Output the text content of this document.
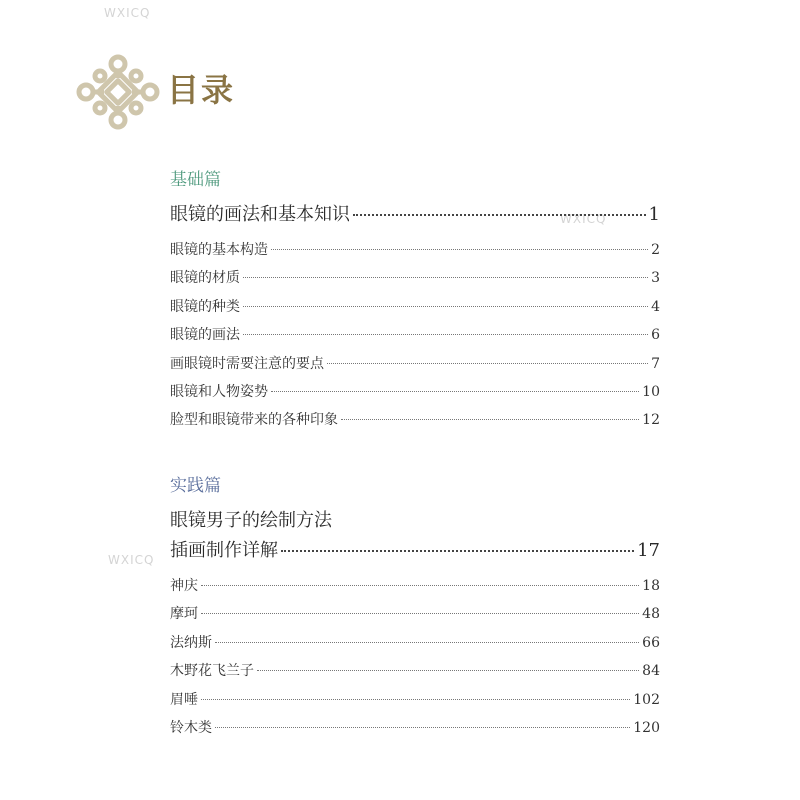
WXICQ
WXICQ
WXICQ
目录
基础篇
眼镜的画法和基本知识	1
眼镜的基本构造	2
眼镜的材质	3
眼镜的种类	4
眼镜的画法	6
画眼镜时需要注意的要点	7
眼镜和人物姿势	10
脸型和眼镜带来的各种印象	12
实践篇
眼镜男子的绘制方法
插画制作详解	17
神庆	18
摩珂	48
法纳斯	66
木野花飞兰子	84
眉唾	102
铃木类	120
